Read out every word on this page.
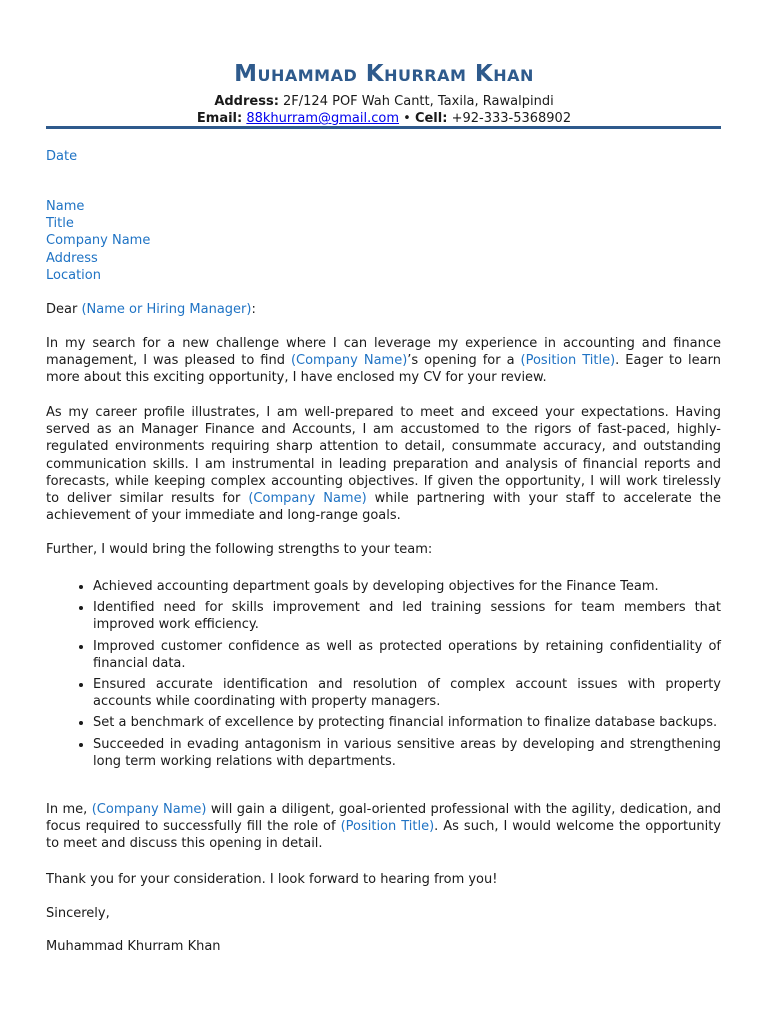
Muhammad Khurram Khan
Address: 2F/124 POF Wah Cantt, Taxila, Rawalpindi
Email: 88khurram@gmail.com • Cell: +92-333-5368902
Date
Name
Title
Company Name
Address
Location
Dear (Name or Hiring Manager):
In my search for a new challenge where I can leverage my experience in accounting and finance management, I was pleased to find (Company Name)’s opening for a (Position Title). Eager to learn more about this exciting opportunity, I have enclosed my CV for your review.
As my career profile illustrates, I am well-prepared to meet and exceed your expectations. Having served as an Manager Finance and Accounts, I am accustomed to the rigors of fast-paced, highly-regulated environments requiring sharp attention to detail, consummate accuracy, and outstanding communication skills. I am instrumental in leading preparation and analysis of financial reports and forecasts, while keeping complex accounting objectives. If given the opportunity, I will work tirelessly to deliver similar results for (Company Name) while partnering with your staff to accelerate the achievement of your immediate and long-range goals.
Further, I would bring the following strengths to your team:
• Achieved accounting department goals by developing objectives for the Finance Team.
• Identified need for skills improvement and led training sessions for team members that improved work efficiency.
• Improved customer confidence as well as protected operations by retaining confidentiality of financial data.
• Ensured accurate identification and resolution of complex account issues with property accounts while coordinating with property managers.
• Set a benchmark of excellence by protecting financial information to finalize database backups.
• Succeeded in evading antagonism in various sensitive areas by developing and strengthening long term working relations with departments.
In me, (Company Name) will gain a diligent, goal-oriented professional with the agility, dedication, and focus required to successfully fill the role of (Position Title). As such, I would welcome the opportunity to meet and discuss this opening in detail.
Thank you for your consideration. I look forward to hearing from you!
Sincerely,
Muhammad Khurram Khan
